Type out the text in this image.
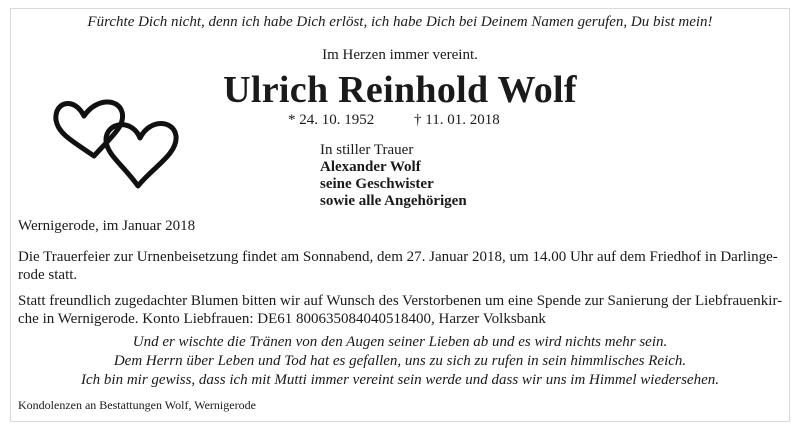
Fürchte Dich nicht, denn ich habe Dich erlöst, ich habe Dich bei Deinem Namen gerufen, Du bist mein!
Im Herzen immer vereint.
Ulrich Reinhold Wolf
* 24. 10. 1952	† 11. 01. 2018
In stiller Trauer
Alexander Wolf
seine Geschwister
sowie alle Angehörigen
Wernigerode, im Januar 2018
Die Trauerfeier zur Urnenbeisetzung findet am Sonnabend, dem 27. Januar 2018, um 14.00 Uhr auf dem Friedhof in Darlinge-
rode statt.
Statt freundlich zugedachter Blumen bitten wir auf Wunsch des Verstorbenen um eine Spende zur Sanierung der Liebfrauenkir-
che in Wernigerode. Konto Liebfrauen: DE61 800635084040518400, Harzer Volksbank
Und er wischte die Tränen von den Augen seiner Lieben ab und es wird nichts mehr sein.
Dem Herrn über Leben und Tod hat es gefallen, uns zu sich zu rufen in sein himmlisches Reich.
Ich bin mir gewiss, dass ich mit Mutti immer vereint sein werde und dass wir uns im Himmel wiedersehen.
Kondolenzen an Bestattungen Wolf, Wernigerode
